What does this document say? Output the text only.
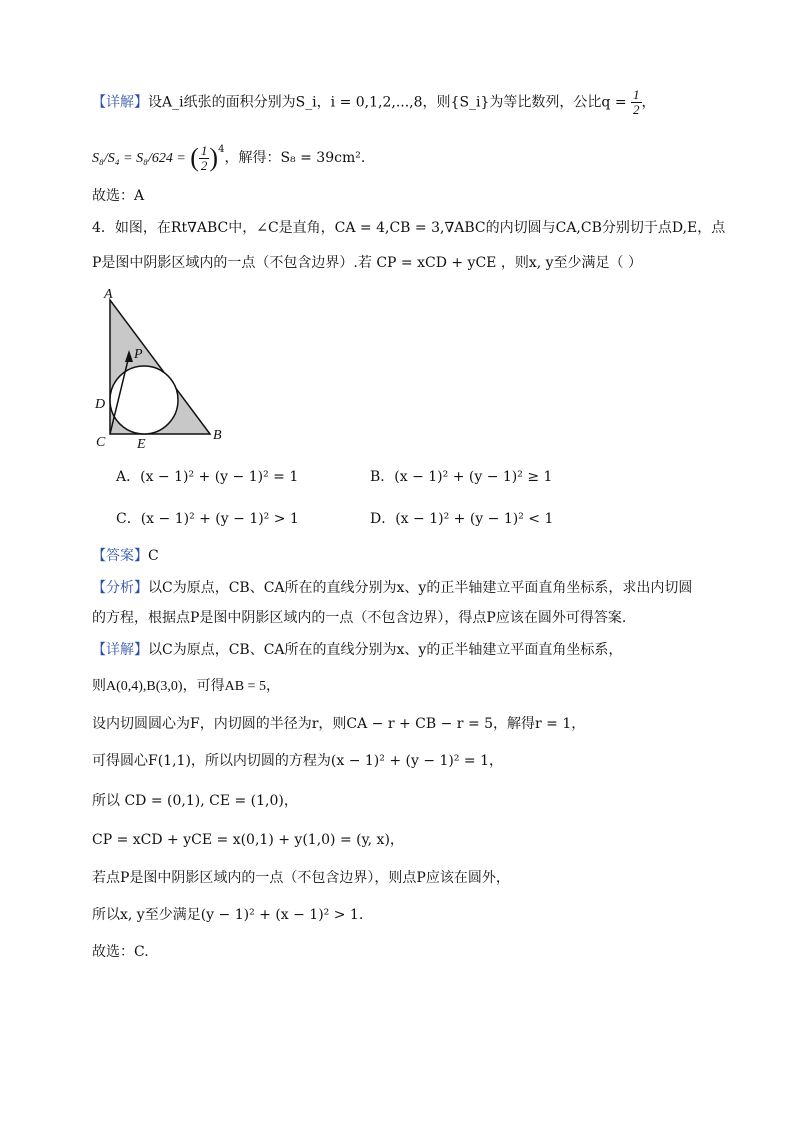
【详解】设A_i纸张的面积分别为S_i，i = 0,1,2,...,8，则{S_i}为等比数列，公比$q = \frac{1}{2}$ ，
S₈/S₄ = S₈/624 = ( $\frac{1}{2} )^4$，解得：S₈ = 39cm².
故选：A
4．如图，在Rt∇ABC中，∠C是直角，CA = 4,CB = 3,∇ABC的内切圆与CA,CB分别切于点D,E，点
P是图中阴影区域内的一点（不包含边界）.若 CP = xCD + yCE ，则x, y至少满足（ ）
A
P
D
C E
B
A．(x − 1)² + (y − 1)² = 1	B．(x − 1)² + (y − 1)² ≥ 1
C．(x − 1)² + (y − 1)² > 1	D．(x − 1)² + (y − 1)² < 1
【答案】C
【分析】以C为原点，CB、CA所在的直线分别为x、y的正半轴建立平面直角坐标系，求出内切圆
的方程，根据点P是图中阴影区域内的一点（不包含边界），得点P应该在圆外可得答案.
【详解】以C为原点，CB、CA所在的直线分别为x、y的正半轴建立平面直角坐标系，
则A(0,4),B(3,0)，可得AB = 5，
设内切圆圆心为F，内切圆的半径为r，则CA − r + CB − r = 5，解得r = 1，
可得圆心F(1,1)，所以内切圆的方程为(x − 1)² + (y − 1)² = 1，
所以 CD = (0,1), CE = (1,0)，
CP = xCD + yCE = x(0,1) + y(1,0) = (y, x)，
若点P是图中阴影区域内的一点（不包含边界），则点P应该在圆外，
所以x, y至少满足(y − 1)² + (x − 1)² > 1.
故选：C.
